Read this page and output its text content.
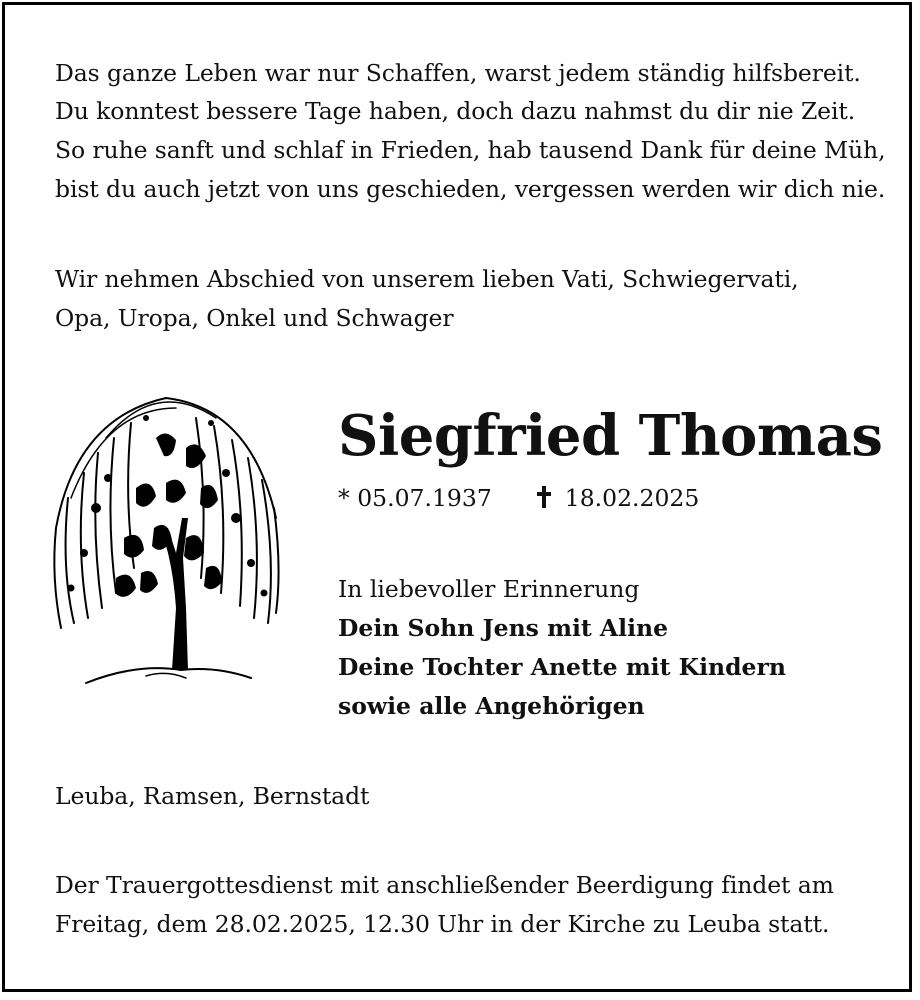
Das ganze Leben war nur Schaffen, warst jedem ständig hilfsbereit.
Du konntest bessere Tage haben, doch dazu nahmst du dir nie Zeit.
So ruhe sanft und schlaf in Frieden, hab tausend Dank für deine Müh,
bist du auch jetzt von uns geschieden, vergessen werden wir dich nie.
Wir nehmen Abschied von unserem lieben Vati, Schwiegervati,
Opa, Uropa, Onkel und Schwager
Siegfried Thomas
* 05.07.1937	18.02.2025
In liebevoller Erinnerung
Dein Sohn Jens mit Aline
Deine Tochter Anette mit Kindern
sowie alle Angehörigen
Leuba, Ramsen, Bernstadt
Der Trauergottesdienst mit anschließender Beerdigung findet am
Freitag, dem 28.02.2025, 12.30 Uhr in der Kirche zu Leuba statt.
